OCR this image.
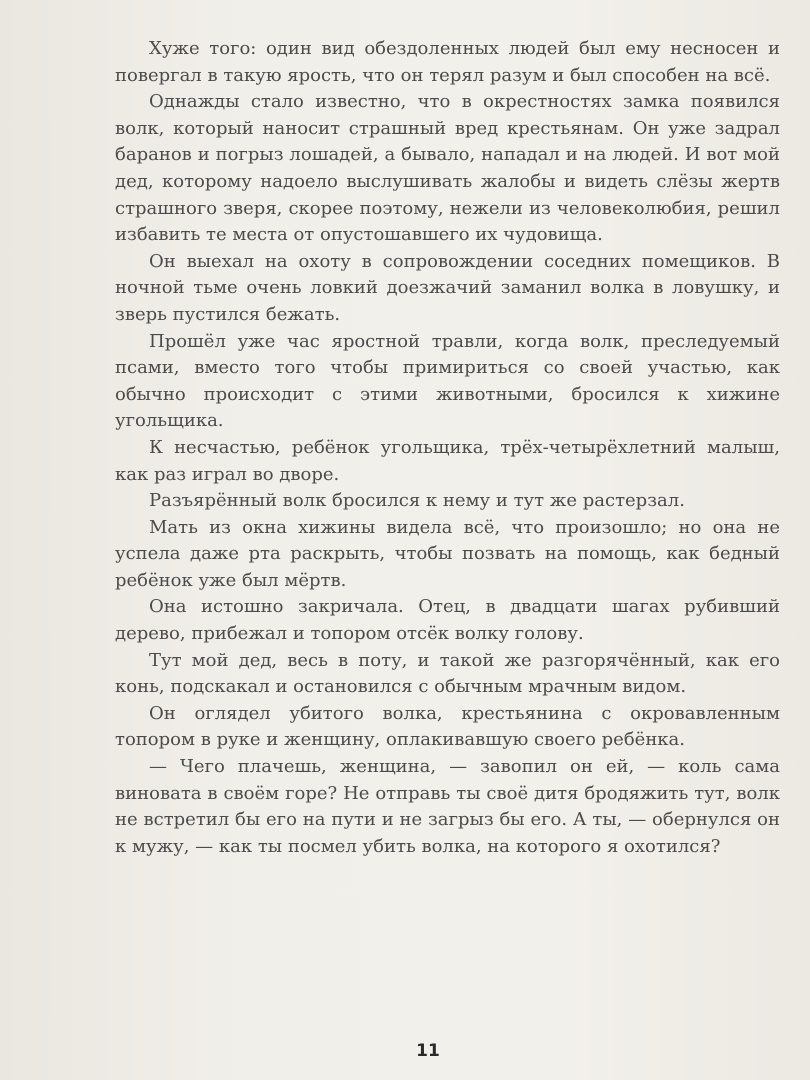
Хуже того: один вид обездоленных людей был ему несносен и повергал в такую ярость, что он терял разум и был способен на всё.

Однажды стало известно, что в окрестностях замка появился волк, который наносит страшный вред крестьянам. Он уже задрал баранов и погрыз лошадей, а бывало, нападал и на людей. И вот мой дед, которому надоело выслушивать жалобы и видеть слёзы жертв страшного зверя, скорее поэтому, нежели из человеколюбия, решил избавить те места от опустошавшего их чудовища.

Он выехал на охоту в сопровождении соседних помещиков. В ночной тьме очень ловкий доезжачий заманил волка в ловушку, и зверь пустился бежать.

Прошёл уже час яростной травли, когда волк, преследуемый псами, вместо того чтобы примириться со своей участью, как обычно происходит с этими животными, бросился к хижине угольщика.

К несчастью, ребёнок угольщика, трёх-четырёхлетний малыш, как раз играл во дворе.

Разъярённый волк бросился к нему и тут же растерзал.

Мать из окна хижины видела всё, что произошло; но она не успела даже рта раскрыть, чтобы позвать на помощь, как бедный ребёнок уже был мёртв.

Она истошно закричала. Отец, в двадцати шагах рубивший дерево, прибежал и топором отсёк волку голову.

Тут мой дед, весь в поту, и такой же разгорячённый, как его конь, подскакал и остановился с обычным мрачным видом.

Он оглядел убитого волка, крестьянина с окровавленным топором в руке и женщину, оплакивавшую своего ребёнка.

— Чего плачешь, женщина, — завопил он ей, — коль сама виновата в своём горе? Не отправь ты своё дитя бродяжить тут, волк не встретил бы его на пути и не загрыз бы его. А ты, — обернулся он к мужу, — как ты посмел убить волка, на которого я охотился?

11
